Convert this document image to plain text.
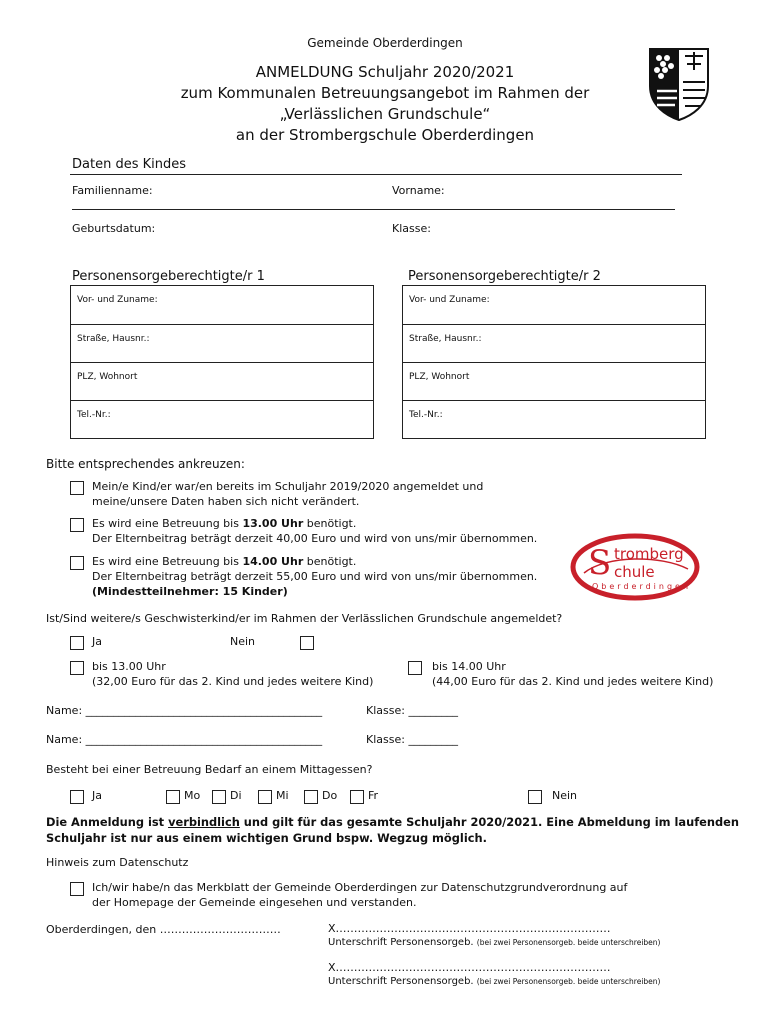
Gemeinde Oberderdingen
ANMELDUNG Schuljahr 2020/2021
zum Kommunalen Betreuungsangebot im Rahmen der
„Verlässlichen Grundschule“
an der Strombergschule Oberderdingen
Daten des Kindes
Familienname:	Vorname:
Geburtsdatum:	Klasse:
Personensorgeberechtigte/r 1	Personensorgeberechtigte/r 2
Vor- und Zuname:
Straße, Hausnr.:
PLZ, Wohnort
Tel.-Nr.:
Vor- und Zuname:
Straße, Hausnr.:
PLZ, Wohnort
Tel.-Nr.:
Bitte entsprechendes ankreuzen:
Mein/e Kind/er war/en bereits im Schuljahr 2019/2020 angemeldet und
meine/unsere Daten haben sich nicht verändert.
Es wird eine Betreuung bis 13.00 Uhr benötigt.
Der Elternbeitrag beträgt derzeit 40,00 Euro und wird von uns/mir übernommen.
Es wird eine Betreuung bis 14.00 Uhr benötigt.
Der Elternbeitrag beträgt derzeit 55,00 Euro und wird von uns/mir übernommen.
(Mindestteilnehmer: 15 Kinder)
S tromberg
chule
Oberderdingen
Ist/Sind weitere/s Geschwisterkind/er im Rahmen der Verlässlichen Grundschule angemeldet?
Ja	Nein
bis 13.00 Uhr
(32,00 Euro für das 2. Kind und jedes weitere Kind)
bis 14.00 Uhr
(44,00 Euro für das 2. Kind und jedes weitere Kind)
Name: ___________________________________________	Klasse: _________
Name: ___________________________________________	Klasse: _________
Besteht bei einer Betreuung Bedarf an einem Mittagessen?
Ja	Mo	Di	Mi	Do	Fr	Nein
Die Anmeldung ist verbindlich und gilt für das gesamte Schuljahr 2020/2021. Eine Abmeldung im laufenden
Schuljahr ist nur aus einem wichtigen Grund bspw. Wegzug möglich.
Hinweis zum Datenschutz
Ich/wir habe/n das Merkblatt der Gemeinde Oberderdingen zur Datenschutzgrundverordnung auf
der Homepage der Gemeinde eingesehen und verstanden.
Oberderdingen, den ……………………………	X…………………………………………………………………
Unterschrift Personensorgeb. (bei zwei Personensorgeb. beide unterschreiben)
X…………………………………………………………………
Unterschrift Personensorgeb. (bei zwei Personensorgeb. beide unterschreiben)
